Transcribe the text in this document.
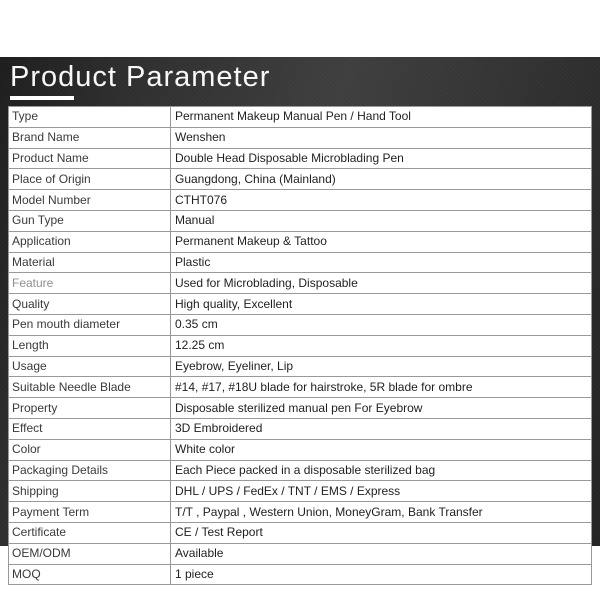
Product Parameter
Type	Permanent Makeup Manual Pen / Hand Tool
Brand Name	Wenshen
Product Name	Double Head Disposable Microblading Pen
Place of Origin	Guangdong, China (Mainland)
Model Number	CTHT076
Gun Type	Manual
Application	Permanent Makeup & Tattoo
Material	Plastic
Feature	Used for Microblading, Disposable
Quality	High quality, Excellent
Pen mouth diameter	0.35 cm
Length	12.25 cm
Usage	Eyebrow, Eyeliner, Lip
Suitable Needle Blade	#14, #17, #18U blade for hairstroke, 5R blade for ombre
Property	Disposable sterilized manual pen For Eyebrow
Effect	3D Embroidered
Color	White color
Packaging Details	Each Piece packed in a disposable sterilized bag
Shipping	DHL / UPS / FedEx / TNT / EMS / Express
Payment Term	T/T , Paypal , Western Union, MoneyGram, Bank Transfer
Certificate	CE / Test Report
OEM/ODM	Available
MOQ	1 piece
